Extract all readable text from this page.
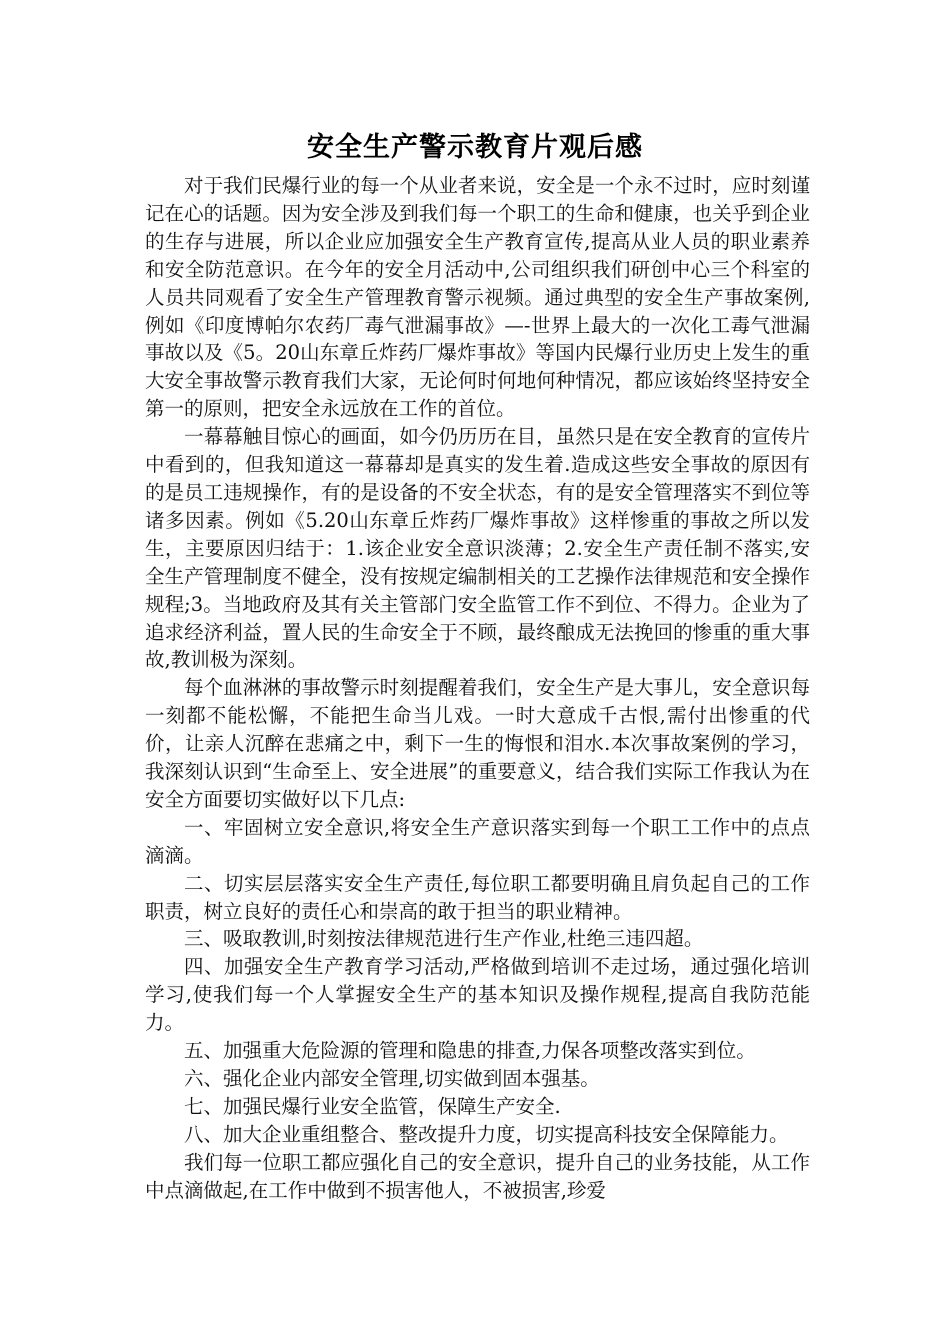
安全生产警示教育片观后感

对于我们民爆行业的每一个从业者来说，安全是一个永不过时，应时刻谨记在心的话题。因为安全涉及到我们每一个职工的生命和健康，也关乎到企业的生存与进展，所以企业应加强安全生产教育宣传,提高从业人员的职业素养和安全防范意识。在今年的安全月活动中,公司组织我们研创中心三个科室的人员共同观看了安全生产管理教育警示视频。通过典型的安全生产事故案例,例如《印度博帕尔农药厂毒气泄漏事故》—-世界上最大的一次化工毒气泄漏事故以及《5。20山东章丘炸药厂爆炸事故》等国内民爆行业历史上发生的重大安全事故警示教育我们大家，无论何时何地何种情况，都应该始终坚持安全第一的原则，把安全永远放在工作的首位。

一幕幕触目惊心的画面，如今仍历历在目，虽然只是在安全教育的宣传片中看到的，但我知道这一幕幕却是真实的发生着.造成这些安全事故的原因有的是员工违规操作，有的是设备的不安全状态，有的是安全管理落实不到位等诸多因素。例如《5.20山东章丘炸药厂爆炸事故》这样惨重的事故之所以发生，主要原因归结于：1.该企业安全意识淡薄；2.安全生产责任制不落实,安全生产管理制度不健全，没有按规定编制相关的工艺操作法律规范和安全操作规程;3。当地政府及其有关主管部门安全监管工作不到位、不得力。企业为了追求经济利益，置人民的生命安全于不顾，最终酿成无法挽回的惨重的重大事故,教训极为深刻。

每个血淋淋的事故警示时刻提醒着我们，安全生产是大事儿，安全意识每一刻都不能松懈，不能把生命当儿戏。一时大意成千古恨,需付出惨重的代价，让亲人沉醉在悲痛之中，剩下一生的悔恨和泪水.本次事故案例的学习，我深刻认识到“生命至上、安全进展”的重要意义，结合我们实际工作我认为在安全方面要切实做好以下几点:

一、牢固树立安全意识,将安全生产意识落实到每一个职工工作中的点点滴滴。

二、切实层层落实安全生产责任,每位职工都要明确且肩负起自己的工作职责，树立良好的责任心和崇高的敢于担当的职业精神。

三、吸取教训,时刻按法律规范进行生产作业,杜绝三违四超。

四、加强安全生产教育学习活动,严格做到培训不走过场，通过强化培训学习,使我们每一个人掌握安全生产的基本知识及操作规程,提高自我防范能力。

五、加强重大危险源的管理和隐患的排查,力保各项整改落实到位。

六、强化企业内部安全管理,切实做到固本强基。

七、加强民爆行业安全监管，保障生产安全.

八、加大企业重组整合、整改提升力度，切实提高科技安全保障能力。

我们每一位职工都应强化自己的安全意识，提升自己的业务技能，从工作中点滴做起,在工作中做到不损害他人，不被损害,珍爱
